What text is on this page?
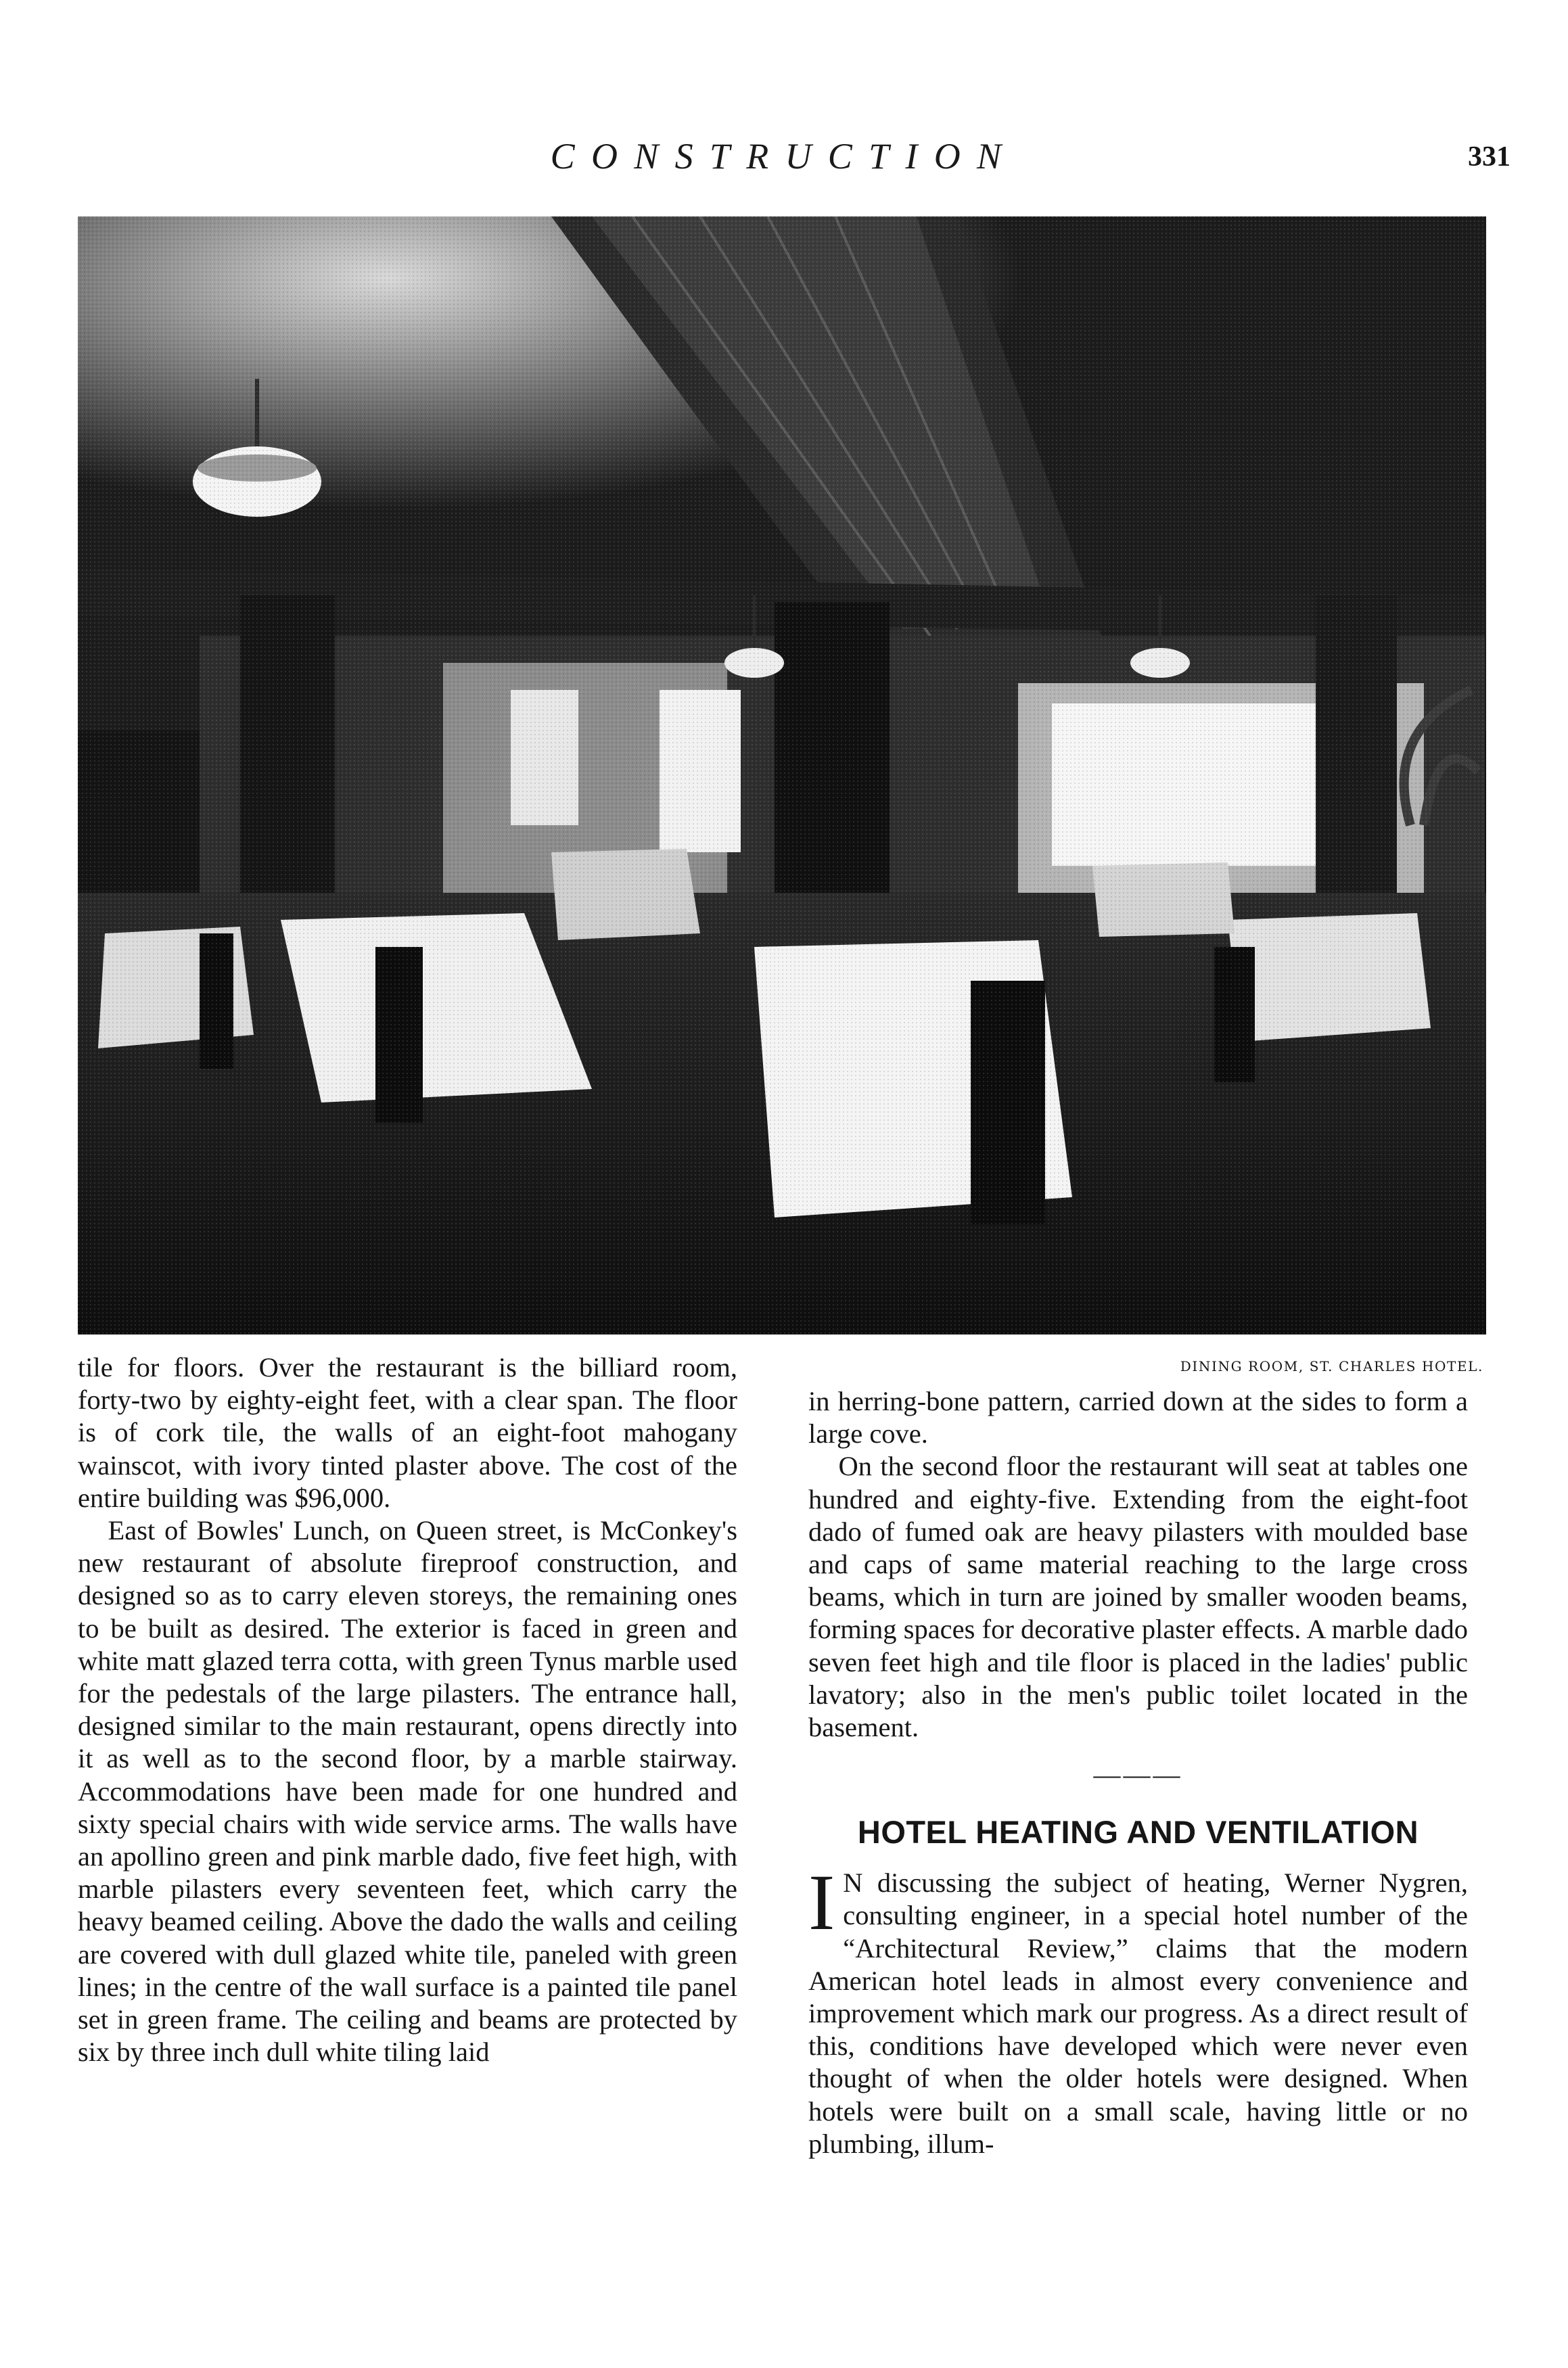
CONSTRUCTION	331
DINING ROOM, ST. CHARLES HOTEL.

tile for floors. Over the restaurant is the billiard room, forty-two by eighty-eight feet, with a clear span. The floor is of cork tile, the walls of an eight-foot mahogany wainscot, with ivory tinted plaster above. The cost of the entire building was $96,000.

East of Bowles' Lunch, on Queen street, is McConkey's new restaurant of absolute fireproof construction, and designed so as to carry eleven storeys, the remaining ones to be built as desired. The exterior is faced in green and white matt glazed terra cotta, with green Tynus marble used for the pedestals of the large pilasters. The entrance hall, designed similar to the main restaurant, opens directly into it as well as to the second floor, by a marble stairway. Accommodations have been made for one hundred and sixty special chairs with wide service arms. The walls have an apollino green and pink marble dado, five feet high, with marble pilasters every seventeen feet, which carry the heavy beamed ceiling. Above the dado the walls and ceiling are covered with dull glazed white tile, paneled with green lines; in the centre of the wall surface is a painted tile panel set in green frame. The ceiling and beams are protected by six by three inch dull white tiling laid

in herring-bone pattern, carried down at the sides to form a large cove.

On the second floor the restaurant will seat at tables one hundred and eighty-five. Extending from the eight-foot dado of fumed oak are heavy pilasters with moulded base and caps of same material reaching to the large cross beams, which in turn are joined by smaller wooden beams, forming spaces for decorative plaster effects. A marble dado seven feet high and tile floor is placed in the ladies' public lavatory; also in the men's public toilet located in the basement.

———
HOTEL HEATING AND VENTILATION

I N discussing the subject of heating, Werner Nygren, consulting engineer, in a special hotel number of the “Architectural Review,” claims that the modern American hotel leads in almost every convenience and improvement which mark our progress. As a direct result of this, conditions have developed which were never even thought of when the older hotels were designed. When hotels were built on a small scale, having little or no plumbing, illum-
